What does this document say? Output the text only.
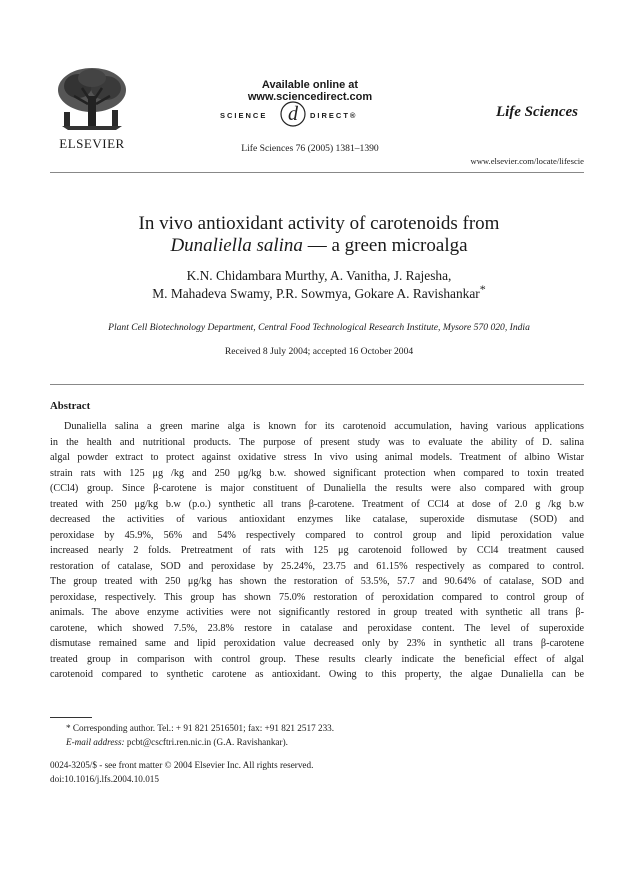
ELSEVIER
Available online at www.sciencedirect.com
SCIENCE d DIRECT®
Life Sciences 76 (2005) 1381–1390
Life Sciences
www.elsevier.com/locate/lifescie
In vivo antioxidant activity of carotenoids from
Dunaliella salina — a green microalga
K.N. Chidambara Murthy, A. Vanitha, J. Rajesha,
M. Mahadeva Swamy, P.R. Sowmya, Gokare A. Ravishankar*
Plant Cell Biotechnology Department, Central Food Technological Research Institute, Mysore 570 020, India
Received 8 July 2004; accepted 16 October 2004
Abstract
Dunaliella salina a green marine alga is known for its carotenoid accumulation, having various applications
in the health and nutritional products. The purpose of present study was to evaluate the ability of D. salina
algal powder extract to protect against oxidative stress In vivo using animal models. Treatment of albino Wistar
strain rats with 125 μg /kg and 250 μg/kg b.w. showed significant protection when compared to toxin treated
(CCl4) group. Since β-carotene is major constituent of Dunaliella the results were also compared with group
treated with 250 μg/kg b.w (p.o.) synthetic all trans β-carotene. Treatment of CCl4 at dose of 2.0 g /kg b.w
decreased the activities of various antioxidant enzymes like catalase, superoxide dismutase (SOD) and
peroxidase by 45.9%, 56% and 54% respectively compared to control group and lipid peroxidation value
increased nearly 2 folds. Pretreatment of rats with 125 μg carotenoid followed by CCl4 treatment caused
restoration of catalase, SOD and peroxidase by 25.24%, 23.75 and 61.15% respectively as compared to control.
The group treated with 250 μg/kg has shown the restoration of 53.5%, 57.7 and 90.64% of catalase, SOD and
peroxidase, respectively. This group has shown 75.0% restoration of peroxidation compared to control group of
animals. The above enzyme activities were not significantly restored in group treated with synthetic all trans β-
carotene, which showed 7.5%, 23.8% restore in catalase and peroxidase content. The level of superoxide
dismutase remained same and lipid peroxidation value decreased only by 23% in synthetic all trans β-carotene
treated group in comparison with control group. These results clearly indicate the beneficial effect of algal
carotenoid compared to synthetic carotene as antioxidant. Owing to this property, the algae Dunaliella can be
* Corresponding author. Tel.: + 91 821 2516501; fax: +91 821 2517 233.
E-mail address: pcbt@cscftri.ren.nic.in (G.A. Ravishankar).
0024-3205/$ - see front matter © 2004 Elsevier Inc. All rights reserved.
doi:10.1016/j.lfs.2004.10.015
